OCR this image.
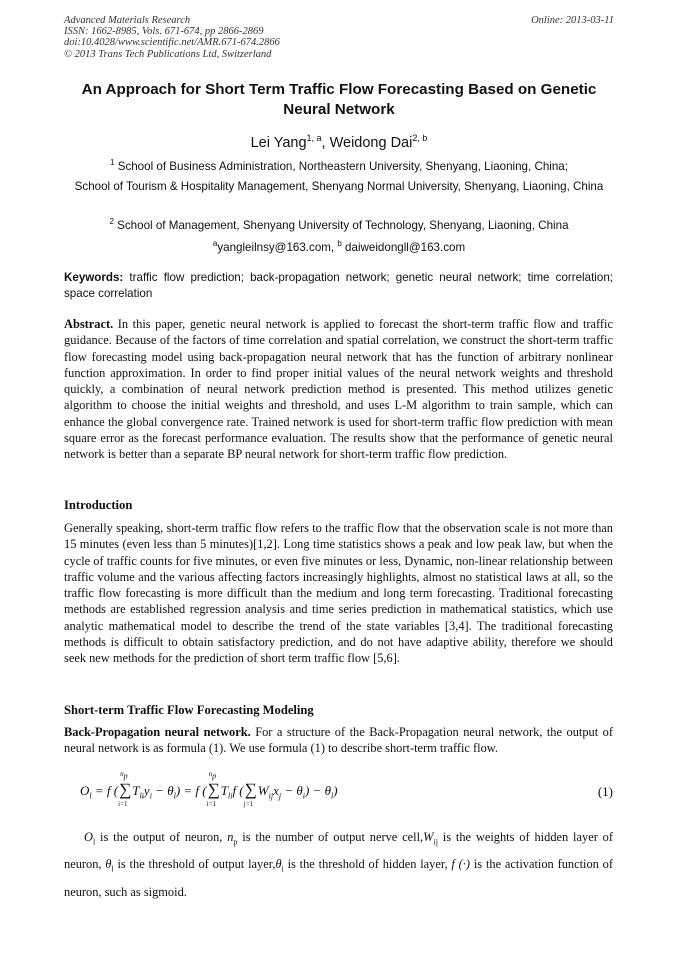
Advanced Materials Research
ISSN: 1662-8985, Vols. 671-674, pp 2866-2869
doi:10.4028/www.scientific.net/AMR.671-674.2866
© 2013 Trans Tech Publications Ltd, Switzerland
Online: 2013-03-11
An Approach for Short Term Traffic Flow Forecasting Based on Genetic Neural Network
Lei Yang$^{1, a}$, Weidong Dai$^{2, b}$
$^1$ School of Business Administration, Northeastern University, Shenyang, Liaoning, China;
School of Tourism & Hospitality Management, Shenyang Normal University, Shenyang, Liaoning, China
$^2$ School of Management, Shenyang University of Technology, Shenyang, Liaoning, China
$^a$yangleilnsy@163.com, $^b$ daiweidongll@163.com
Keywords: traffic flow prediction; back-propagation network; genetic neural network; time correlation; space correlation
Abstract. In this paper, genetic neural network is applied to forecast the short-term traffic flow and traffic guidance. Because of the factors of time correlation and spatial correlation, we construct the short-term traffic flow forecasting model using back-propagation neural network that has the function of arbitrary nonlinear function approximation. In order to find proper initial values of the neural network weights and threshold quickly, a combination of neural network prediction method is presented. This method utilizes genetic algorithm to choose the initial weights and threshold, and uses L-M algorithm to train sample, which can enhance the global convergence rate. Trained network is used for short-term traffic flow prediction with mean square error as the forecast performance evaluation. The results show that the performance of genetic neural network is better than a separate BP neural network for short-term traffic flow prediction.
Introduction
Generally speaking, short-term traffic flow refers to the traffic flow that the observation scale is not more than 15 minutes (even less than 5 minutes)[1,2]. Long time statistics shows a peak and low peak law, but when the cycle of traffic counts for five minutes, or even five minutes or less, Dynamic, non-linear relationship between traffic volume and the various affecting factors increasingly highlights, almost no statistical laws at all, so the traffic flow forecasting is more difficult than the medium and long term forecasting. Traditional forecasting methods are established regression analysis and time series prediction in mathematical statistics, which use analytic mathematical model to describe the trend of the state variables [3,4]. The traditional forecasting methods is difficult to obtain satisfactory prediction, and do not have adaptive ability, therefore we should seek new methods for the prediction of short term traffic flow [5,6].
Short-term Traffic Flow Forecasting Modeling
Back-Propagation neural network. For a structure of the Back-Propagation neural network, the output of neural network is as formula (1). We use formula (1) to describe short-term traffic flow.
$O_l = f$ (∑
np
i=1
$T_{li}y_i - \theta_l) = f$ (∑
np
i=1
$T_{li}f$ (∑
j=1
$W_{ij}x_j - \theta_i) - \theta_l$)	(1)
$O_l$ is the output of neuron, $n_p$ is the number of output nerve $cell,W_{ij}$ is the weights of hidden layer of neuron, $\theta_l$ is the threshold of output $layer,\theta_i$ is the threshold of hidden layer, f (·) is the activation function of neuron, such as sigmoid.
